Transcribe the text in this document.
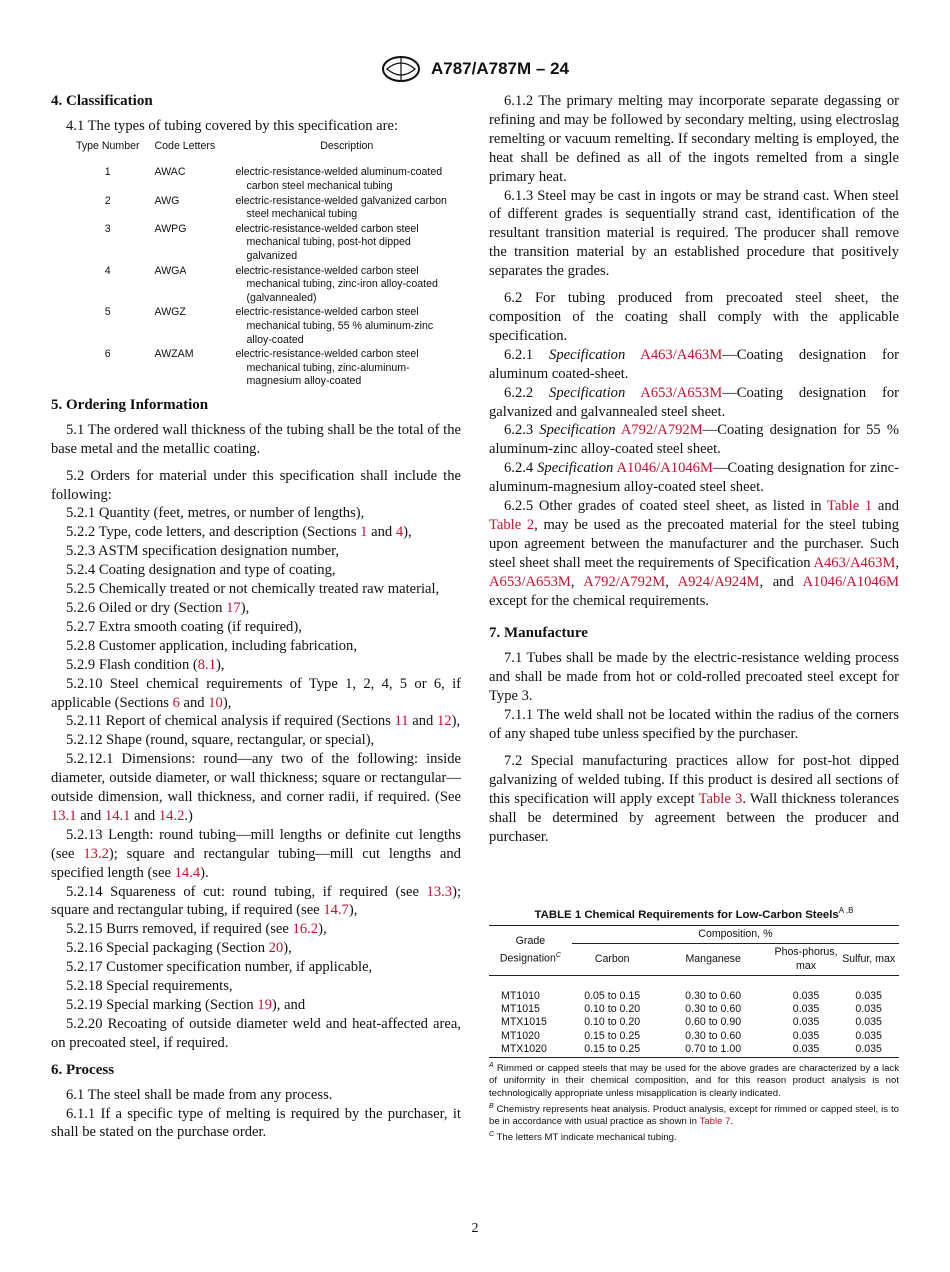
A787/A787M – 24
4. Classification

4.1 The types of tubing covered by this specification are:

Type Number	Code Letters	Description

1	AWAC	electric-resistance-welded aluminum-coated carbon steel mechanical tubing
2	AWG	electric-resistance-welded galvanized carbon steel mechanical tubing
3	AWPG	electric-resistance-welded carbon steel mechanical tubing, post-hot dipped galvanized
4	AWGA	electric-resistance-welded carbon steel mechanical tubing, zinc-iron alloy-coated (galvannealed)
5	AWGZ	electric-resistance-welded carbon steel mechanical tubing, 55 % aluminum-zinc alloy-coated
6	AWZAM	electric-resistance-welded carbon steel mechanical tubing, zinc-aluminum-magnesium alloy-coated
5. Ordering Information

5.1 The ordered wall thickness of the tubing shall be the total of the base metal and the metallic coating.

5.2 Orders for material under this specification shall include the following:

5.2.1 Quantity (feet, metres, or number of lengths),

5.2.2 Type, code letters, and description (Sections 1 and 4),

5.2.3 ASTM specification designation number,

5.2.4 Coating designation and type of coating,

5.2.5 Chemically treated or not chemically treated raw material,

5.2.6 Oiled or dry (Section 17),

5.2.7 Extra smooth coating (if required),

5.2.8 Customer application, including fabrication,

5.2.9 Flash condition (8.1),

5.2.10 Steel chemical requirements of Type 1, 2, 4, 5 or 6, if applicable (Sections 6 and 10),

5.2.11 Report of chemical analysis if required (Sections 11 and 12),

5.2.12 Shape (round, square, rectangular, or special),

5.2.12.1 Dimensions: round—any two of the following: inside diameter, outside diameter, or wall thickness; square or rectangular—outside dimension, wall thickness, and corner radii, if required. (See 13.1 and 14.1 and 14.2.)

5.2.13 Length: round tubing—mill lengths or definite cut lengths (see 13.2); square and rectangular tubing—mill cut lengths and specified length (see 14.4).

5.2.14 Squareness of cut: round tubing, if required (see 13.3); square and rectangular tubing, if required (see 14.7),

5.2.15 Burrs removed, if required (see 16.2),

5.2.16 Special packaging (Section 20),

5.2.17 Customer specification number, if applicable,

5.2.18 Special requirements,

5.2.19 Special marking (Section 19), and

5.2.20 Recoating of outside diameter weld and heat-affected area, on precoated steel, if required.

6. Process

6.1 The steel shall be made from any process.

6.1.1 If a specific type of melting is required by the purchaser, it shall be stated on the purchase order.

6.1.2 The primary melting may incorporate separate degassing or refining and may be followed by secondary melting, using electroslag remelting or vacuum remelting. If secondary melting is employed, the heat shall be defined as all of the ingots remelted from a single primary heat.

6.1.3 Steel may be cast in ingots or may be strand cast. When steel of different grades is sequentially strand cast, identification of the resultant transition material is required. The producer shall remove the transition material by an established procedure that positively separates the grades.

6.2 For tubing produced from precoated steel sheet, the composition of the coating shall comply with the applicable specification.

6.2.1 Specification A463/A463M—Coating designation for aluminum coated-sheet.

6.2.2 Specification A653/A653M—Coating designation for galvanized and galvannealed steel sheet.

6.2.3 Specification A792/A792M—Coating designation for 55 % aluminum-zinc alloy-coated steel sheet.

6.2.4 Specification A1046/A1046M—Coating designation for zinc-aluminum-magnesium alloy-coated steel sheet.

6.2.5 Other grades of coated steel sheet, as listed in Table 1 and Table 2, may be used as the precoated material for the steel tubing upon agreement between the manufacturer and the purchaser. Such steel sheet shall meet the requirements of Specification A463/A463M, A653/A653M, A792/A792M, A924/A924M, and A1046/A1046M except for the chemical requirements.

7. Manufacture

7.1 Tubes shall be made by the electric-resistance welding process and shall be made from hot or cold-rolled precoated steel except for Type 3.

7.1.1 The weld shall not be located within the radius of the corners of any shaped tube unless specified by the purchaser.

7.2 Special manufacturing practices allow for post-hot dipped galvanizing of welded tubing. If this product is desired all sections of this specification will apply except Table 3. Wall thickness tolerances shall be determined by agreement between the producer and purchaser.

TABLE 1 Chemical Requirements for Low-Carbon Steels$^{A ,B}$
Grade Designation$^C$	Composition, %			
	Carbon	Manganese	Phos-phorus, max	Sulfur, max

MT1010	0.05 to 0.15	0.30 to 0.60	0.035	0.035
MT1015	0.10 to 0.20	0.30 to 0.60	0.035	0.035
MTX1015	0.10 to 0.20	0.60 to 0.90	0.035	0.035
MT1020	0.15 to 0.25	0.30 to 0.60	0.035	0.035
MTX1020	0.15 to 0.25	0.70 to 1.00	0.035	0.035
$^A$ Rimmed or capped steels that may be used for the above grades are characterized by a lack of uniformity in their chemical composition, and for this reason product analysis is not technologically appropriate unless misapplication is clearly indicated.
$^B$ Chemistry represents heat analysis. Product analysis, except for rimmed or capped steel, is to be in accordance with usual practice as shown in Table 7.
$^C$ The letters MT indicate mechanical tubing.
2
